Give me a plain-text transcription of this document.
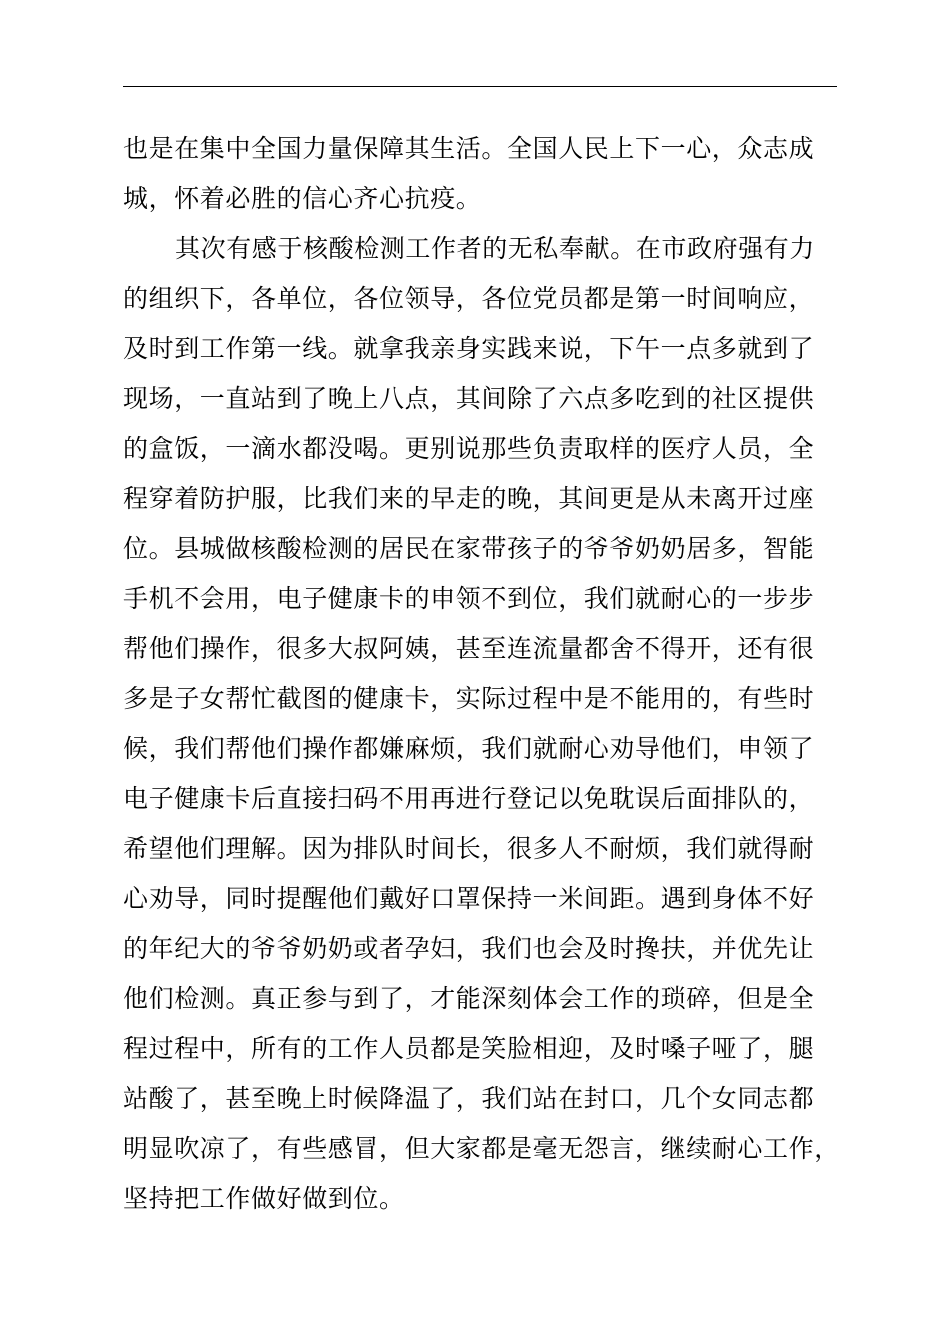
也是在集中全国力量保障其生活。全国人民上下一心，众志成
城，怀着必胜的信心齐心抗疫。
其次有感于核酸检测工作者的无私奉献。在市政府强有力
的组织下，各单位，各位领导，各位党员都是第一时间响应，
及时到工作第一线。就拿我亲身实践来说，下午一点多就到了
现场，一直站到了晚上八点，其间除了六点多吃到的社区提供
的盒饭，一滴水都没喝。更别说那些负责取样的医疗人员，全
程穿着防护服，比我们来的早走的晚，其间更是从未离开过座
位。县城做核酸检测的居民在家带孩子的爷爷奶奶居多，智能
手机不会用，电子健康卡的申领不到位，我们就耐心的一步步
帮他们操作，很多大叔阿姨，甚至连流量都舍不得开，还有很
多是子女帮忙截图的健康卡，实际过程中是不能用的，有些时
候，我们帮他们操作都嫌麻烦，我们就耐心劝导他们，申领了
电子健康卡后直接扫码不用再进行登记以免耽误后面排队的，
希望他们理解。因为排队时间长，很多人不耐烦，我们就得耐
心劝导，同时提醒他们戴好口罩保持一米间距。遇到身体不好
的年纪大的爷爷奶奶或者孕妇，我们也会及时搀扶，并优先让
他们检测。真正参与到了，才能深刻体会工作的琐碎，但是全
程过程中，所有的工作人员都是笑脸相迎，及时嗓子哑了，腿
站酸了，甚至晚上时候降温了，我们站在封口，几个女同志都
明显吹凉了，有些感冒，但大家都是毫无怨言，继续耐心工作，
坚持把工作做好做到位。
